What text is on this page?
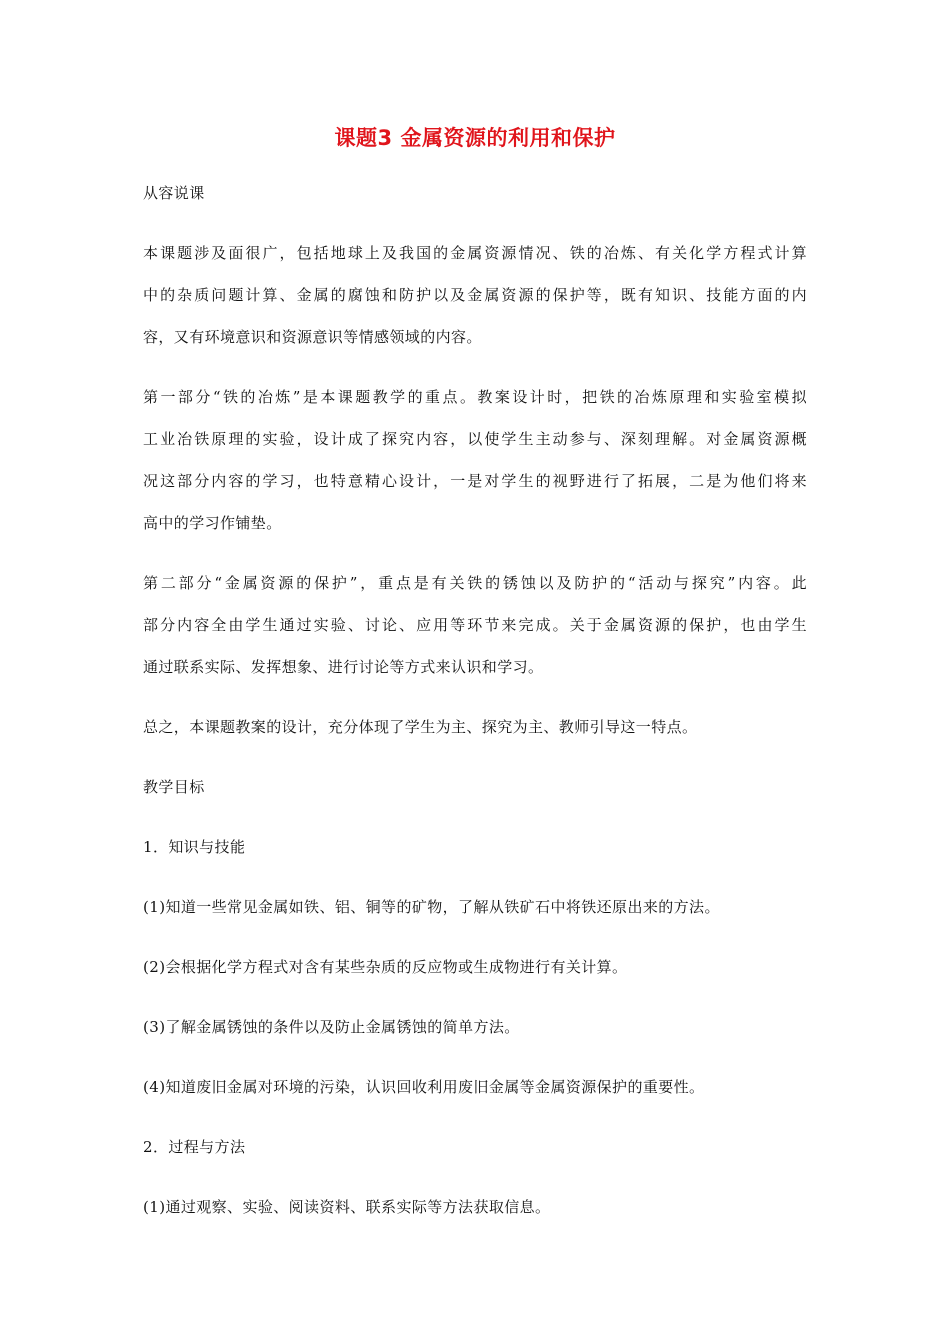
课题3 金属资源的利用和保护
从容说课
本课题涉及面很广，包括地球上及我国的金属资源情况、铁的冶炼、有关化学方程式计算
中的杂质问题计算、金属的腐蚀和防护以及金属资源的保护等，既有知识、技能方面的内
容，又有环境意识和资源意识等情感领域的内容。
第一部分“铁的冶炼”是本课题教学的重点。教案设计时，把铁的冶炼原理和实验室模拟
工业冶铁原理的实验，设计成了探究内容，以使学生主动参与、深刻理解。对金属资源概
况这部分内容的学习，也特意精心设计，一是对学生的视野进行了拓展，二是为他们将来
高中的学习作铺垫。
第二部分“金属资源的保护”，重点是有关铁的锈蚀以及防护的“活动与探究”内容。此
部分内容全由学生通过实验、讨论、应用等环节来完成。关于金属资源的保护，也由学生
通过联系实际、发挥想象、进行讨论等方式来认识和学习。
总之，本课题教案的设计，充分体现了学生为主、探究为主、教师引导这一特点。
教学目标
1．知识与技能
(1)知道一些常见金属如铁、铝、铜等的矿物，了解从铁矿石中将铁还原出来的方法。
(2)会根据化学方程式对含有某些杂质的反应物或生成物进行有关计算。
(3)了解金属锈蚀的条件以及防止金属锈蚀的简单方法。
(4)知道废旧金属对环境的污染，认识回收利用废旧金属等金属资源保护的重要性。
2．过程与方法
(1)通过观察、实验、阅读资料、联系实际等方法获取信息。
